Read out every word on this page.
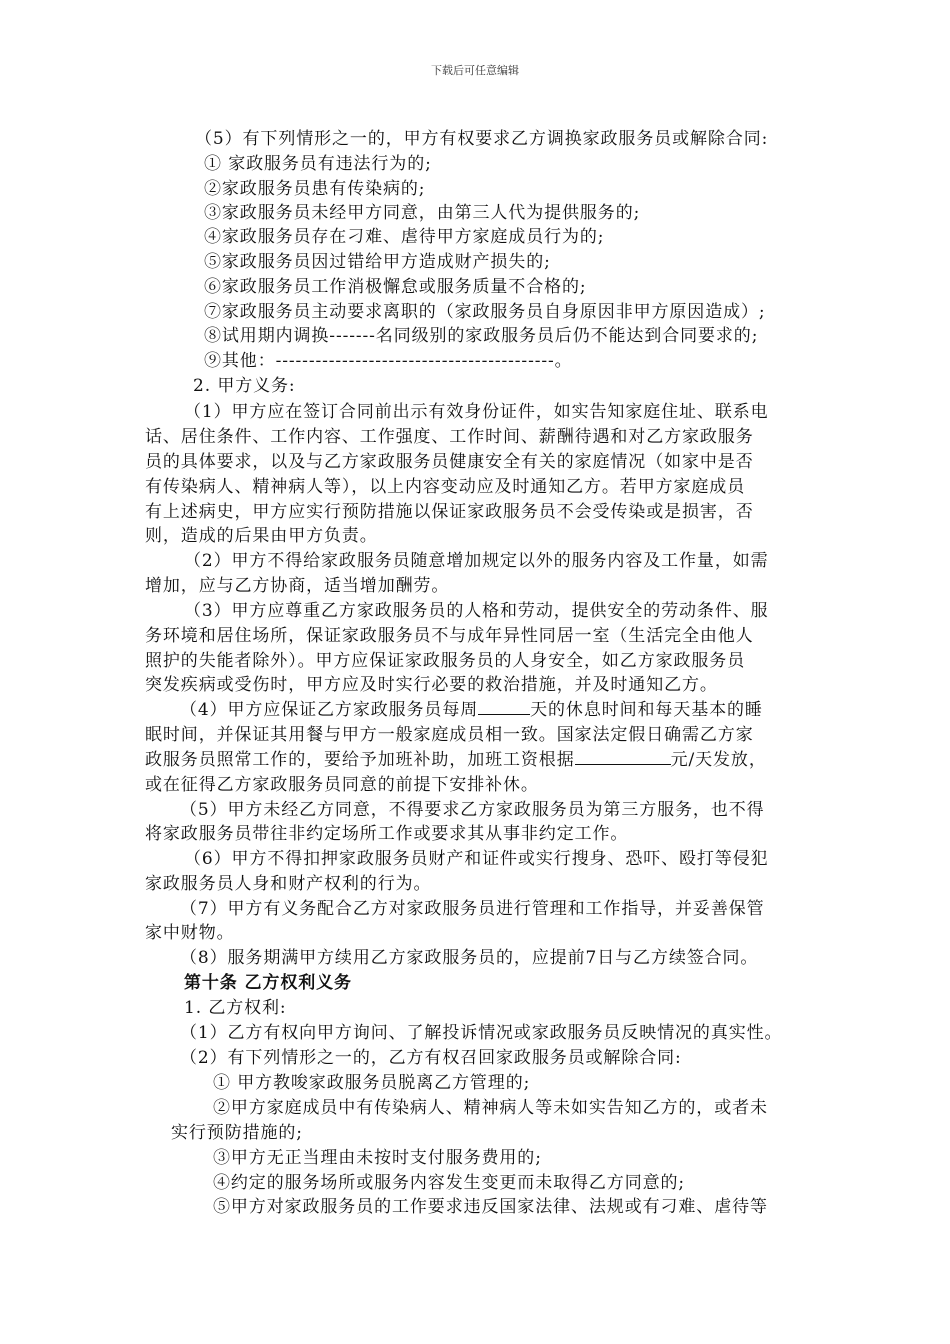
下载后可任意编辑
（5）有下列情形之一的，甲方有权要求乙方调换家政服务员或解除合同:
① 家政服务员有违法行为的;
②家政服务员患有传染病的;
③家政服务员未经甲方同意，由第三人代为提供服务的;
④家政服务员存在刁难、虐待甲方家庭成员行为的;
⑤家政服务员因过错给甲方造成财产损失的;
⑥家政服务员工作消极懈怠或服务质量不合格的;
⑦家政服务员主动要求离职的（家政服务员自身原因非甲方原因造成）;
⑧试用期内调换-------名同级别的家政服务员后仍不能达到合同要求的;
⑨其他：------------------------------------------。
2. 甲方义务:
（1）甲方应在签订合同前出示有效身份证件，如实告知家庭住址、联系电
话、居住条件、工作内容、工作强度、工作时间、薪酬待遇和对乙方家政服务
员的具体要求，以及与乙方家政服务员健康安全有关的家庭情况（如家中是否
有传染病人、精神病人等），以上内容变动应及时通知乙方。若甲方家庭成员
有上述病史，甲方应实行预防措施以保证家政服务员不会受传染或是损害，否
则，造成的后果由甲方负责。
（2）甲方不得给家政服务员随意增加规定以外的服务内容及工作量，如需
增加，应与乙方协商，适当增加酬劳。
（3）甲方应尊重乙方家政服务员的人格和劳动，提供安全的劳动条件、服
务环境和居住场所，保证家政服务员不与成年异性同居一室（生活完全由他人
照护的失能者除外）。甲方应保证家政服务员的人身安全，如乙方家政服务员
突发疾病或受伤时，甲方应及时实行必要的救治措施，并及时通知乙方。
（4）甲方应保证乙方家政服务员每周	天的休息时间和每天基本的睡
眠时间，并保证其用餐与甲方一般家庭成员相一致。国家法定假日确需乙方家
政服务员照常工作的，要给予加班补助，加班工资根据	元/天发放，
或在征得乙方家政服务员同意的前提下安排补休。
（5）甲方未经乙方同意，不得要求乙方家政服务员为第三方服务，也不得
将家政服务员带往非约定场所工作或要求其从事非约定工作。
（6）甲方不得扣押家政服务员财产和证件或实行搜身、恐吓、殴打等侵犯
家政服务员人身和财产权利的行为。
（7）甲方有义务配合乙方对家政服务员进行管理和工作指导，并妥善保管
家中财物。
（8）服务期满甲方续用乙方家政服务员的，应提前7日与乙方续签合同。
第十条 乙方权利义务
1. 乙方权利:
（1）乙方有权向甲方询问、了解投诉情况或家政服务员反映情况的真实性。
（2）有下列情形之一的，乙方有权召回家政服务员或解除合同:
① 甲方教唆家政服务员脱离乙方管理的;
②甲方家庭成员中有传染病人、精神病人等未如实告知乙方的，或者未
实行预防措施的;
③甲方无正当理由未按时支付服务费用的;
④约定的服务场所或服务内容发生变更而未取得乙方同意的;
⑤甲方对家政服务员的工作要求违反国家法律、法规或有刁难、虐待等
